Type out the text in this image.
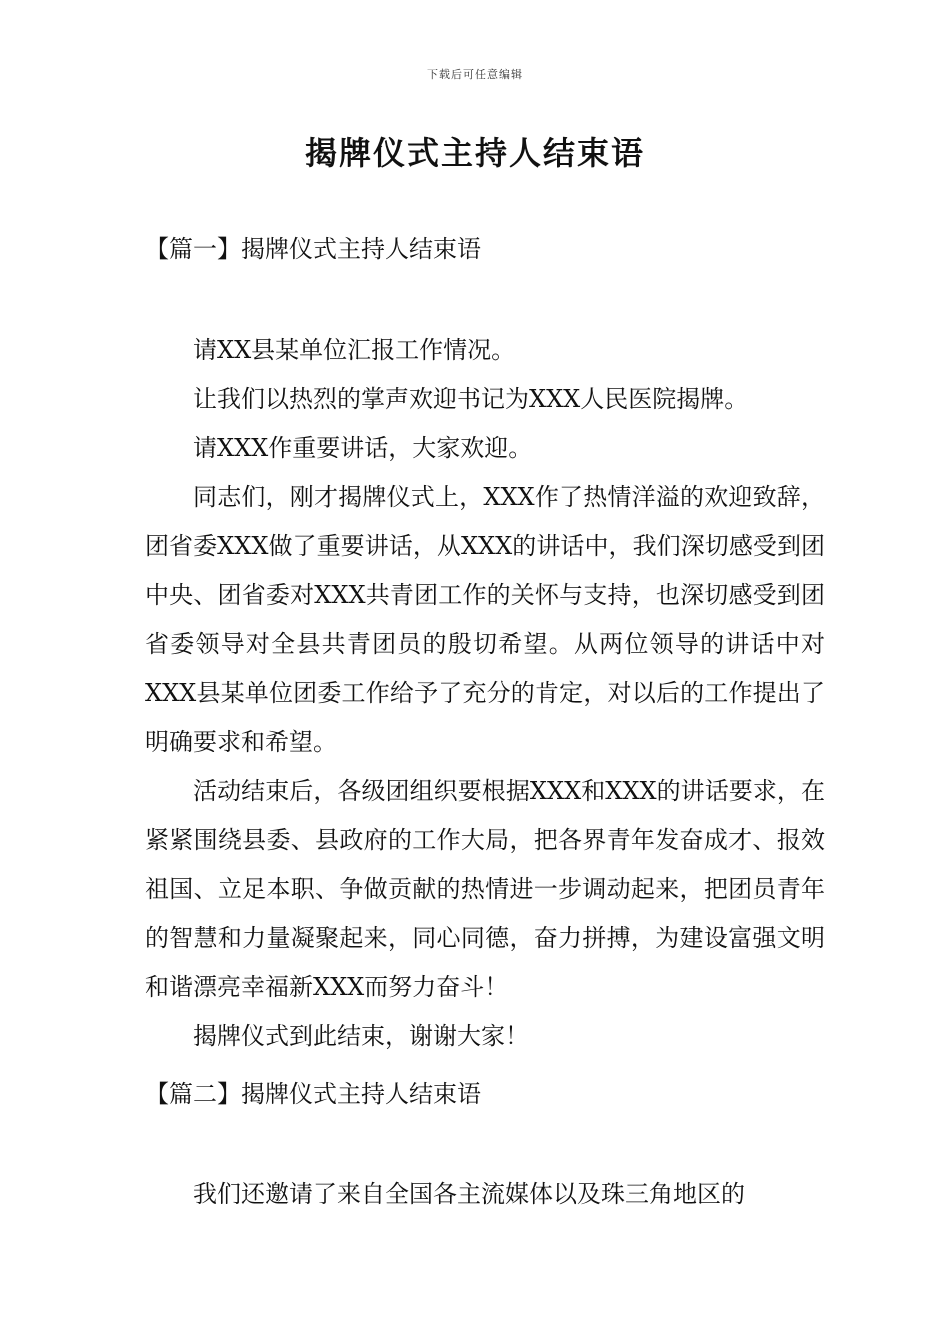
下载后可任意编辑
揭牌仪式主持人结束语
【篇一】揭牌仪式主持人结束语

请XX县某单位汇报工作情况。

让我们以热烈的掌声欢迎书记为XXX人民医院揭牌。

请XXX作重要讲话，大家欢迎。

同志们，刚才揭牌仪式上，XXX作了热情洋溢的欢迎致辞，团省委XXX做了重要讲话，从XXX的讲话中，我们深切感受到团中央、团省委对XXX共青团工作的关怀与支持，也深切感受到团省委领导对全县共青团员的殷切希望。从两位领导的讲话中对XXX县某单位团委工作给予了充分的肯定，对以后的工作提出了明确要求和希望。

活动结束后，各级团组织要根据XXX和XXX的讲话要求，在紧紧围绕县委、县政府的工作大局，把各界青年发奋成才、报效祖国、立足本职、争做贡献的热情进一步调动起来，把团员青年的智慧和力量凝聚起来，同心同德，奋力拼搏，为建设富强文明和谐漂亮幸福新XXX而努力奋斗！

揭牌仪式到此结束，谢谢大家！

【篇二】揭牌仪式主持人结束语

我们还邀请了来自全国各主流媒体以及珠三角地区的
